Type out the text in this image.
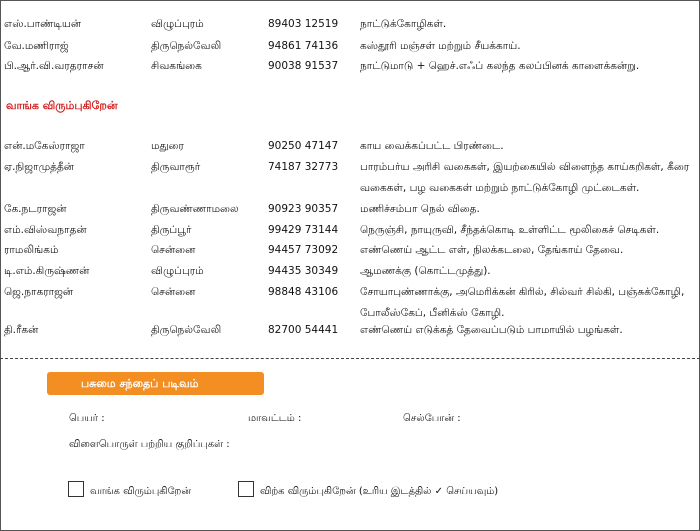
எஸ்.பாண்டியன்	விழுப்புரம்	89403 12519 நாட்டுக்கோழிகள்.
வே.மணிராஜ்	திருநெல்வேலி	94861 74136 கஸ்தூரி மஞ்சள் மற்றும் சீயக்காய்.
பி.ஆர்.வி.வரதராசன்	சிவகங்கை	90038 91537 நாட்டுமாடு + ஹெச்.எஃப் கலந்த கலப்பினக் காளைக்கன்று.
என்.மகேஸ்ராஜா	மதுரை	90250 47147 காய வைக்கப்பட்ட பிரண்டை.
ஏ.நிஜாமுத்தீன்	திருவாரூர்	74187 32773 பாரம்பர்ய அரிசி வகைகள், இயற்கையில் விளைந்த காய்கறிகள், கீரை
வகைகள், பழ வகைகள் மற்றும் நாட்டுக்கோழி முட்டைகள்.
கே.நடராஜன்	திருவண்ணாமலை	90923 90357 மணிச்சம்பா நெல் விதை.
எம்.விஸ்வநாதன்	திருப்பூர்	99429 73144 நெருஞ்சி, நாயுருவி, சீந்தக்கொடி உள்ளிட்ட மூலிகைச் செடிகள்.
ராமலிங்கம்	சென்னை	94457 73092 எண்ணெய் ஆட்ட எள், நிலக்கடலை, தேங்காய் தேவை.
டி.எம்.கிருஷ்ணன்	விழுப்புரம்	94435 30349 ஆமணக்கு (கொட்டமுத்து).
ஜெ.நாகராஜன்	சென்னை	98848 43106 சோயாபுண்ணாக்கு, அமெரிக்கன் கிரில், சில்வர் சில்கி, பஞ்சுக்கோழி,
போலீஸ்கேப், பீனிக்ஸ் கோழி.
தி.ரீகன்	திருநெல்வேலி	82700 54441 எண்ணெய் எடுக்கத் தேவைப்படும் பாமாயில் பழங்கள்.
வாங்க விரும்புகிறேன்
பசுமை சந்தைப் படிவம்
பெயர் :	மாவட்டம் :	செல்போன் :
விளைபொருள் பற்றிய குறிப்புகள் :
வாங்க விரும்புகிறேன்	விற்க விரும்புகிறேன் (உரிய இடத்தில் ✓ செய்யவும்)
